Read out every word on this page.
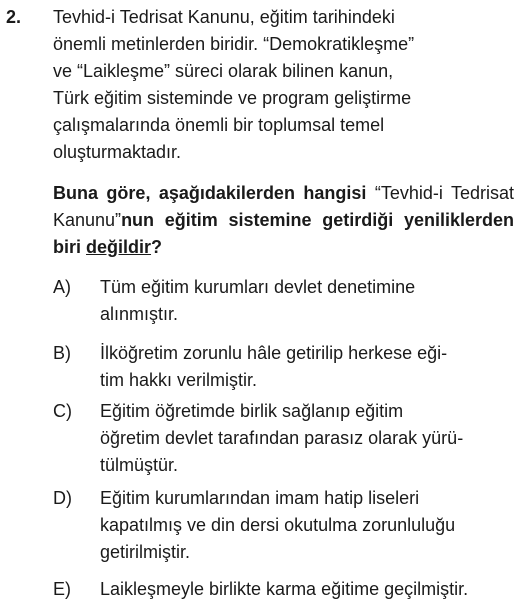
2. Tevhid-i Tedrisat Kanunu, eğitim tarihindeki
önemli metinlerden biridir. “Demokratikleşme”
ve “Laikleşme” süreci olarak bilinen kanun,
Türk eğitim sisteminde ve program geliştirme
çalışmalarında önemli bir toplumsal temel
oluşturmaktadır.
Buna göre, aşağıdakilerden hangisi “Tevhid-i Tedrisat Kanunu”nun eğitim sistemine getirdiği yeniliklerden biri değildir?
A)	Tüm eğitim kurumları devlet denetimine
alınmıştır.
B)	İlköğretim zorunlu hâle getirilip herkese eği-
tim hakkı verilmiştir.
C)	Eğitim öğretimde birlik sağlanıp eğitim
öğretim devlet tarafından parasız olarak yürü-
tülmüştür.
D)	Eğitim kurumlarından imam hatip liseleri
kapatılmış ve din dersi okutulma zorunluluğu
getirilmiştir.
E)	Laikleşmeyle birlikte karma eğitime geçilmiştir.
